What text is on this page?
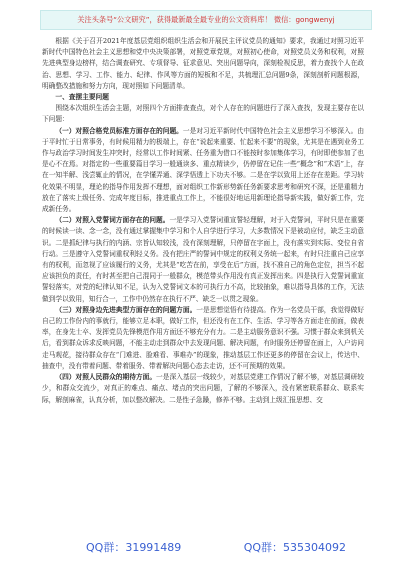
关注头条号“公文研究”，获得最新最全最专业的公文资料库！ 微信：gongwenyj

根据《关于召开2021年度基层党组织组织生活会和开展民主评议党员的通知》要求，我通过对照习近平新时代中国特色社会主义思想和党中央决策部署，对照党章党规，对照初心使命，对照党员义务和权利，对照先进典型身边榜样，结合调查研究、专项督导、征求意见、突出问题导向，深刻检视反思，着力查找个人在政治、思想、学习、工作、能力、纪律、作风等方面的短板和不足，共梳理汇总问题9条，深刻剖析问题根源，明确整改措施和努力方向，现对照如下问题清单。

一、查摆主要问题

围绕本次组织生活会主题，对照四个方面排查查点，对个人存在的问题进行了深入查找，发现主要存在以下问题：

（一）对照合格党员标准方面存在的问题。一是对习近平新时代中国特色社会主义思想学习不够深入。由于平时忙于日常事务，有时候用精力的极端上，存在“说起来重要、忙起来不要”的现象，尤其是在遇到业务工作与政治学习时间发生冲突时，经常以工作时间紧、任务重为借口不能按时参加集体学习，有时即使参加了也是心不在焉。对指定的一些重要篇目学习一般通读多、重点精读少，仍停留在记住一些“概念”和“术语”上，存在一知半解、浅尝辄止的情况，在学懂弄通、深学悟透上下功夫不够。二是在学以致用上还存在差距。学习转化效果不明显，理论的指导作用发挥不理想，面对组织工作新形势新任务新要求思考和研究不深，还是重精力放在了落实上级任务、完成年度目标，推进重点工作上，不能很好地运用新理论指导新实践，做好新工作，完成新任务。

（二）对照入党誓词方面存在的问题。一是学习入党誓词重宣誓轻理解，对于入党誓词，平时只是在重要的时候读一读、念一念，没有通过掌握集中学习和个人自学进行学习，大多数情况下是被动应付，缺乏主动意识。二是抓纪律与执行的内涵、宗旨认知较浅，没有深刻理解，只停留在字面上，没有落实到实际、变位自省行动。三是遵守入党誓词重权利轻义务。没有把庄严的誓词中规定的权利义务统一起来，有时只注重自己应享有的权利，而忽视了应该履行的义务，尤其是“吃苦在前，享受在后”方面，找不准自己的角色定位，担当不起应该担负的责任，有时甚至把自己混同于一般群众，模范带头作用没有真正发挥出来。四是执行入党誓词重宣誓轻落实，对党的纪律认知不足，认为入党誓词文本的可执行力不高，比较抽象，难以指导具体的工作，无法做到学以致用，知行合一，工作中仍然存在执行不严、缺乏一以贯之现象。

（三）对照身边先进典型方面存在的问题方面。一是思想觉悟有待提高。作为一名党员干部，我觉得做好自己的工作份内的事就行，能够立足本职，做好工作，但还没有在工作、生活、学习等各方面走在前面，做表率，在身先士卒、发挥党员先锋模范作用方面还不够充分有力。二是主动服务意识不强。习惯于群众来到机关后，看到群众诉求反映问题，不能主动走到群众中去发现问题、解决问题，有时服务还停留在面上，入户访问走马观花，接待群众存在“门难进、脸难看、事难办”的现象，推动基层工作还更多的停留在会议上，传达中、抽查中，没有带着问题、带着服务、带着解决问题心态去走访，还不可预期的效果。

（四）对照人民群众的期待方面。一是深入基层一线较少，对基层党建工作情况了解不够，对基层调研较少，和群众交流少，对真正的难点、痛点、堵点的突出问题，了解的不够深入，没有紧密联系群众、联系实际，解剖麻雀，认真分析，加以整改解决。二是性子急躁，修养不够。主动到上级汇报思想、交

QQ群：31991489	QQ群：535304092
